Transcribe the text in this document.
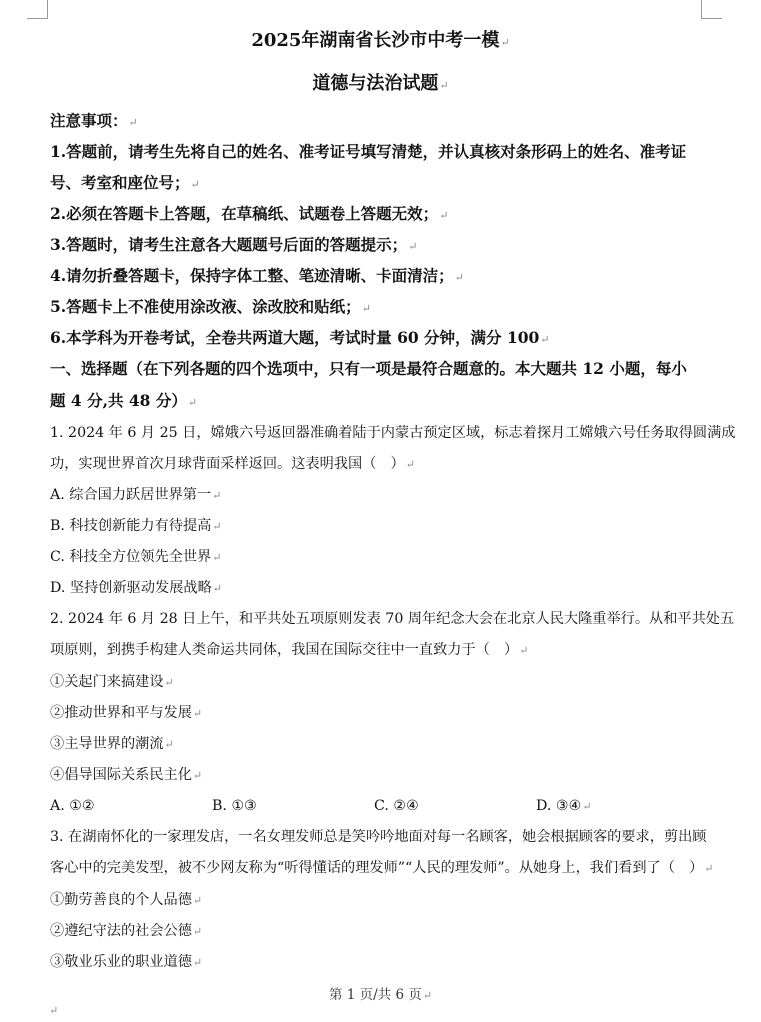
2025年湖南省长沙市中考一模↵
道德与法治试题↵
注意事项：↵
1.答题前，请考生先将自己的姓名、准考证号填写清楚，并认真核对条形码上的姓名、准考证
号、考室和座位号；↵
2.必须在答题卡上答题，在草稿纸、试题卷上答题无效；↵
3.答题时，请考生注意各大题题号后面的答题提示；↵
4.请勿折叠答题卡，保持字体工整、笔迹清晰、卡面清洁；↵
5.答题卡上不准使用涂改液、涂改胶和贴纸；↵
6.本学科为开卷考试，全卷共两道大题，考试时量 60 分钟，满分 100↵
一、选择题（在下列各题的四个选项中，只有一项是最符合题意的。本大题共 12 小题，每小
题 4 分,共 48 分）↵
1. 2024 年 6 月 25 日，嫦娥六号返回器准确着陆于内蒙古预定区域，标志着探月工嫦娥六号任务取得圆满成
功，实现世界首次月球背面采样返回。这表明我国（　）↵
A. 综合国力跃居世界第一↵
B. 科技创新能力有待提高↵
C. 科技全方位领先全世界↵
D. 坚持创新驱动发展战略↵
2. 2024 年 6 月 28 日上午，和平共处五项原则发表 70 周年纪念大会在北京人民大隆重举行。从和平共处五
项原则，到携手构建人类命运共同体，我国在国际交往中一直致力于（　）↵
①关起门来搞建设↵
②推动世界和平与发展↵
③主导世界的潮流↵
④倡导国际关系民主化↵
A. ①②	B. ①③	C. ②④	D. ③④↵
3. 在湖南怀化的一家理发店，一名女理发师总是笑吟吟地面对每一名顾客，她会根据顾客的要求，剪出顾
客心中的完美发型，被不少网友称为“听得懂话的理发师”“人民的理发师”。从她身上，我们看到了（　）↵
①勤劳善良的个人品德↵
②遵纪守法的社会公德↵
③敬业乐业的职业道德↵
第 1 页/共 6 页↵
↵
